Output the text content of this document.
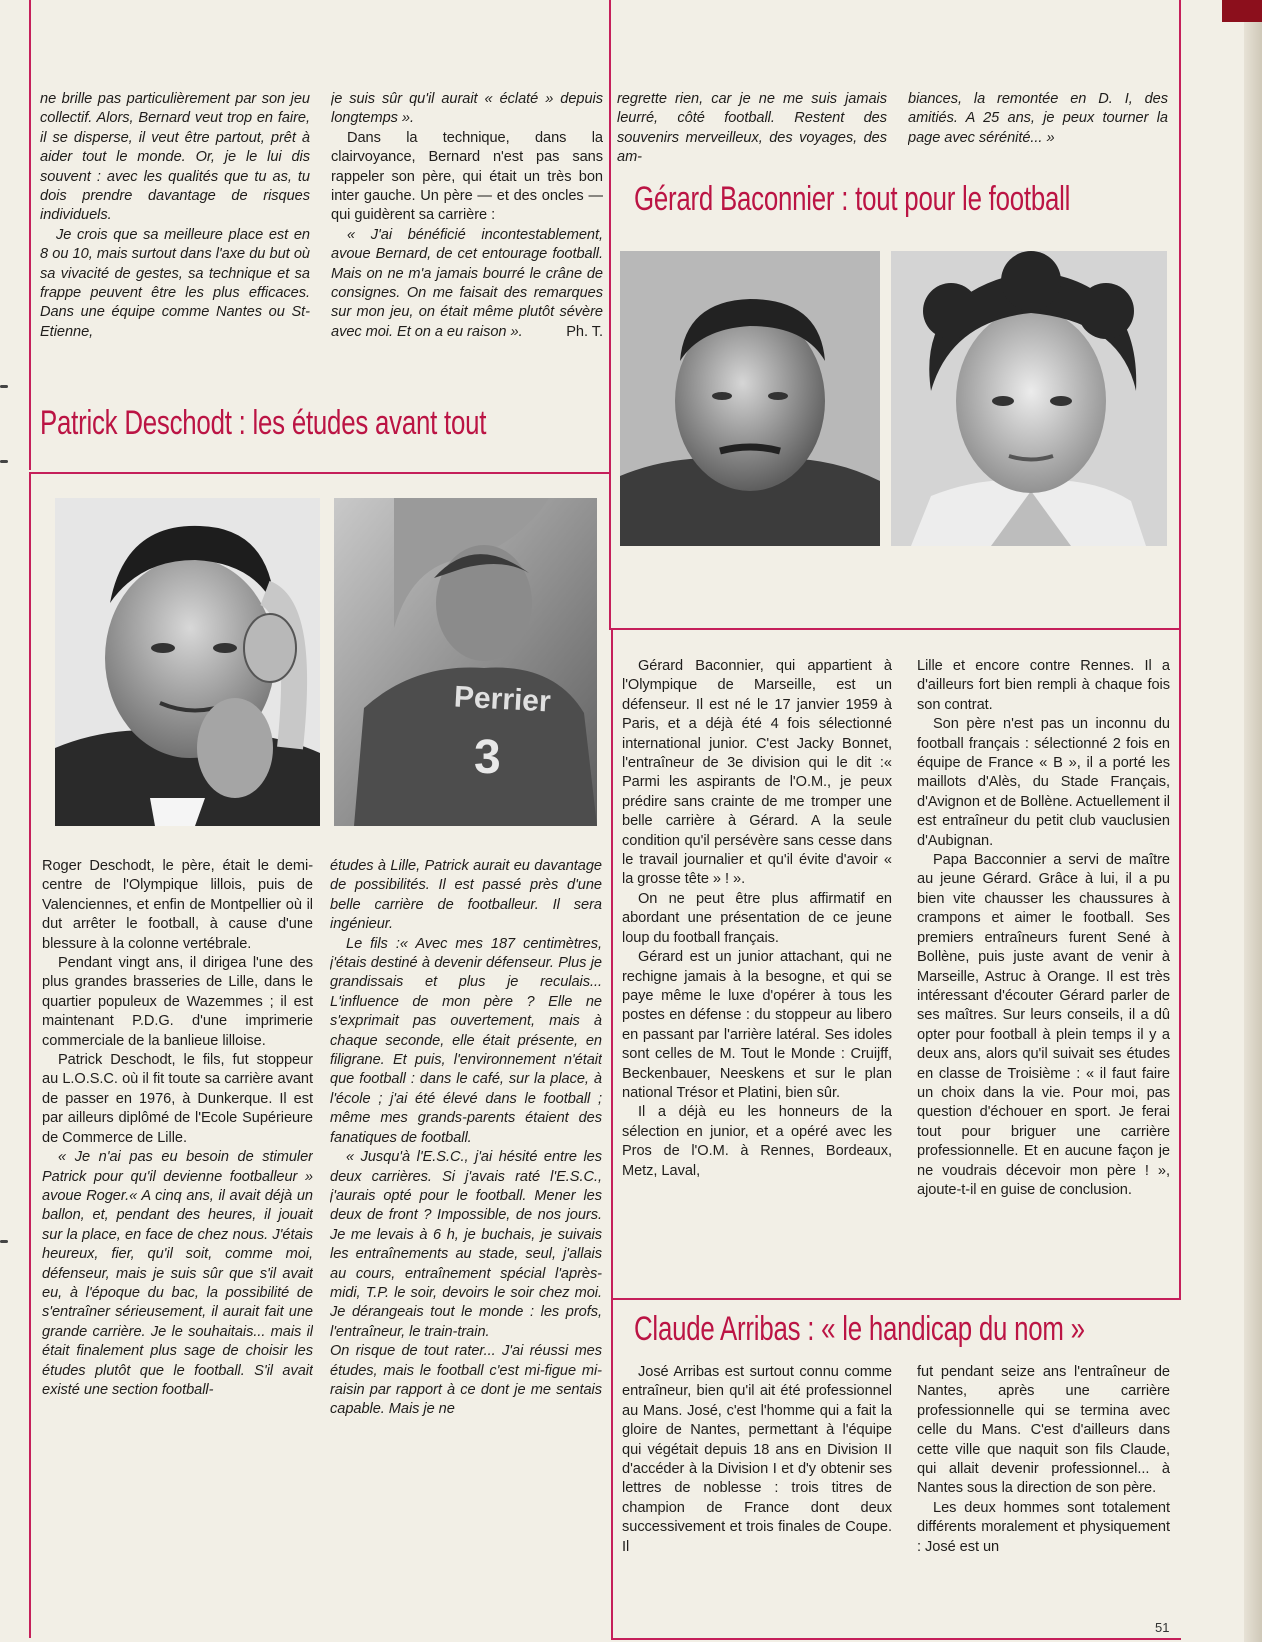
ne brille pas particulièrement par son jeu collectif. Alors, Bernard veut trop en faire, il se disperse, il veut être partout, prêt à aider tout le monde. Or, je le lui dis souvent : avec les qualités que tu as, tu dois prendre davantage de risques individuels.

Je crois que sa meilleure place est en 8 ou 10, mais surtout dans l'axe du but où sa vivacité de gestes, sa technique et sa frappe peuvent être les plus efficaces. Dans une équipe comme Nantes ou St-Etienne,

je suis sûr qu'il aurait « éclaté » depuis longtemps ».

Dans la technique, dans la clairvoyance, Bernard n'est pas sans rappeler son père, qui était un très bon inter gauche. Un père — et des oncles — qui guidèrent sa carrière :

« J'ai bénéficié incontestablement, avoue Bernard, de cet entourage football. Mais on ne m'a jamais bourré le crâne de consignes. On me faisait des remarques sur mon jeu, on était même plutôt sévère avec moi. Et on a eu raison ».	Ph. T.

regrette rien, car je ne me suis jamais leurré, côté football. Restent des souvenirs merveilleux, des voyages, des am-

biances, la remontée en D. I, des amitiés. A 25 ans, je peux tourner la page avec sérénité... »

Patrick Deschodt : les études avant tout
Gérard Baconnier : tout pour le football
Claude Arribas : « le handicap du nom »
Perrier
3

Roger Deschodt, le père, était le demi-centre de l'Olympique lillois, puis de Valenciennes, et enfin de Montpellier où il dut arrêter le football, à cause d'une blessure à la colonne vertébrale.

Pendant vingt ans, il dirigea l'une des plus grandes brasseries de Lille, dans le quartier populeux de Wazemmes ; il est maintenant P.D.G. d'une imprimerie commerciale de la banlieue lilloise.

Patrick Deschodt, le fils, fut stoppeur au L.O.S.C. où il fit toute sa carrière avant de passer en 1976, à Dunkerque. Il est par ailleurs diplômé de l'Ecole Supérieure de Commerce de Lille.

« Je n'ai pas eu besoin de stimuler Patrick pour qu'il devienne footballeur » avoue Roger.« A cinq ans, il avait déjà un ballon, et, pendant des heures, il jouait sur la place, en face de chez nous. J'étais heureux, fier, qu'il soit, comme moi, défenseur, mais je suis sûr que s'il avait eu, à l'époque du bac, la possibilité de s'entraîner sérieusement, il aurait fait une grande carrière. Je le souhaitais... mais il était finalement plus sage de choisir les études plutôt que le football. S'il avait existé une section football-

études à Lille, Patrick aurait eu davantage de possibilités. Il est passé près d'une belle carrière de footballeur. Il sera ingénieur.

Le fils :« Avec mes 187 centimètres, j'étais destiné à devenir défenseur. Plus je grandissais et plus je reculais... L'influence de mon père ? Elle ne s'exprimait pas ouvertement, mais à chaque seconde, elle était présente, en filigrane. Et puis, l'environnement n'était que football : dans le café, sur la place, à l'école ; j'ai été élevé dans le football ; même mes grands-parents étaient des fanatiques de football.

« Jusqu'à l'E.S.C., j'ai hésité entre les deux carrières. Si j'avais raté l'E.S.C., j'aurais opté pour le football. Mener les deux de front ? Impossible, de nos jours. Je me levais à 6 h, je buchais, je suivais les entraînements au stade, seul, j'allais au cours, entraînement spécial l'après-midi, T.P. le soir, devoirs le soir chez moi. Je dérangeais tout le monde : les profs, l'entraîneur, le train-train.

On risque de tout rater... J'ai réussi mes études, mais le football c'est mi-figue mi-raisin par rapport à ce dont je me sentais capable. Mais je ne

Gérard Baconnier, qui appartient à l'Olympique de Marseille, est un défenseur. Il est né le 17 janvier 1959 à Paris, et a déjà été 4 fois sélectionné international junior. C'est Jacky Bonnet, l'entraîneur de 3e division qui le dit :« Parmi les aspirants de l'O.M., je peux prédire sans crainte de me tromper une belle carrière à Gérard. A la seule condition qu'il persévère sans cesse dans le travail journalier et qu'il évite d'avoir « la grosse tête » ! ».

On ne peut être plus affirmatif en abordant une présentation de ce jeune loup du football français.

Gérard est un junior attachant, qui ne rechigne jamais à la besogne, et qui se paye même le luxe d'opérer à tous les postes en défense : du stoppeur au libero en passant par l'arrière latéral. Ses idoles sont celles de M. Tout le Monde : Cruijff, Beckenbauer, Neeskens et sur le plan national Trésor et Platini, bien sûr.

Il a déjà eu les honneurs de la sélection en junior, et a opéré avec les Pros de l'O.M. à Rennes, Bordeaux, Metz, Laval,

Lille et encore contre Rennes. Il a d'ailleurs fort bien rempli à chaque fois son contrat.

Son père n'est pas un inconnu du football français : sélectionné 2 fois en équipe de France « B », il a porté les maillots d'Alès, du Stade Français, d'Avignon et de Bollène. Actuellement il est entraîneur du petit club vauclusien d'Aubignan.

Papa Bacconnier a servi de maître au jeune Gérard. Grâce à lui, il a pu bien vite chausser les chaussures à crampons et aimer le football. Ses premiers entraîneurs furent Sené à Bollène, puis juste avant de venir à Marseille, Astruc à Orange. Il est très intéressant d'écouter Gérard parler de ses maîtres. Sur leurs conseils, il a dû opter pour football à plein temps il y a deux ans, alors qu'il suivait ses études en classe de Troisième : « il faut faire un choix dans la vie. Pour moi, pas question d'échouer en sport. Je ferai tout pour briguer une carrière professionnelle. Et en aucune façon je ne voudrais décevoir mon père ! », ajoute-t-il en guise de conclusion.

José Arribas est surtout connu comme entraîneur, bien qu'il ait été professionnel au Mans. José, c'est l'homme qui a fait la gloire de Nantes, permettant à l'équipe qui végétait depuis 18 ans en Division II d'accéder à la Division I et d'y obtenir ses lettres de noblesse : trois titres de champion de France dont deux successivement et trois finales de Coupe. Il

fut pendant seize ans l'entraîneur de Nantes, après une carrière professionnelle qui se termina avec celle du Mans. C'est d'ailleurs dans cette ville que naquit son fils Claude, qui allait devenir professionnel... à Nantes sous la direction de son père.

Les deux hommes sont totalement différents moralement et physiquement : José est un

51
